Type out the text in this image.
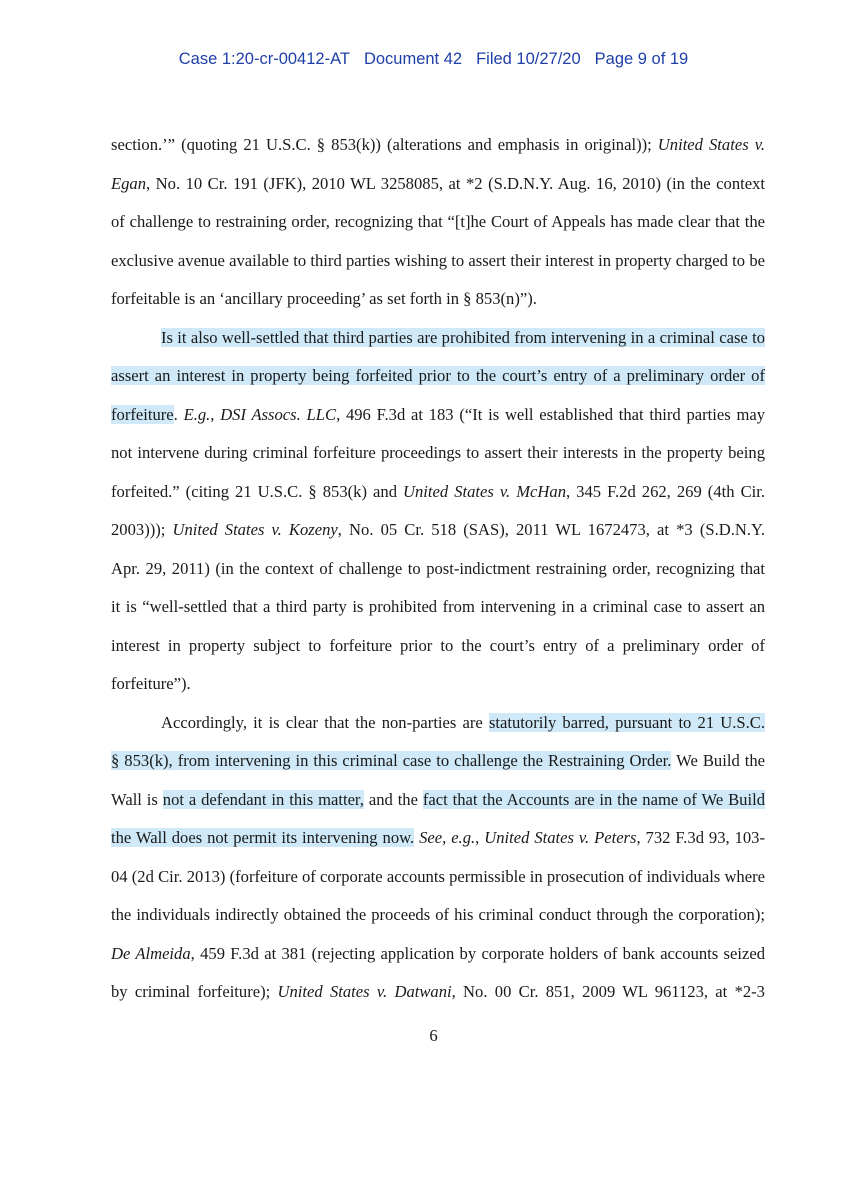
Case 1:20-cr-00412-AT Document 42 Filed 10/27/20 Page 9 of 19
section.’” (quoting 21 U.S.C. § 853(k)) (alterations and emphasis in original)); United States v.
Egan, No. 10 Cr. 191 (JFK), 2010 WL 3258085, at *2 (S.D.N.Y. Aug. 16, 2010) (in the context
of challenge to restraining order, recognizing that “[t]he Court of Appeals has made clear that the
exclusive avenue available to third parties wishing to assert their interest in property charged to be
forfeitable is an ‘ancillary proceeding’ as set forth in § 853(n)”).
Is it also well-settled that third parties are prohibited from intervening in a criminal case to
assert an interest in property being forfeited prior to the court’s entry of a preliminary order of
forfeiture. E.g., DSI Assocs. LLC, 496 F.3d at 183 (“It is well established that third parties may
not intervene during criminal forfeiture proceedings to assert their interests in the property being
forfeited.” (citing 21 U.S.C. § 853(k) and United States v. McHan, 345 F.2d 262, 269 (4th Cir.
2003))); United States v. Kozeny, No. 05 Cr. 518 (SAS), 2011 WL 1672473, at *3 (S.D.N.Y.
Apr. 29, 2011) (in the context of challenge to post-indictment restraining order, recognizing that
it is “well-settled that a third party is prohibited from intervening in a criminal case to assert an
interest in property subject to forfeiture prior to the court’s entry of a preliminary order of
forfeiture”).
Accordingly, it is clear that the non-parties are statutorily barred, pursuant to 21 U.S.C.
§ 853(k), from intervening in this criminal case to challenge the Restraining Order. We Build the
Wall is not a defendant in this matter, and the fact that the Accounts are in the name of We Build
the Wall does not permit its intervening now. See, e.g., United States v. Peters, 732 F.3d 93, 103-
04 (2d Cir. 2013) (forfeiture of corporate accounts permissible in prosecution of individuals where
the individuals indirectly obtained the proceeds of his criminal conduct through the corporation);
De Almeida, 459 F.3d at 381 (rejecting application by corporate holders of bank accounts seized
by criminal forfeiture); United States v. Datwani, No. 00 Cr. 851, 2009 WL 961123, at *2-3
6
